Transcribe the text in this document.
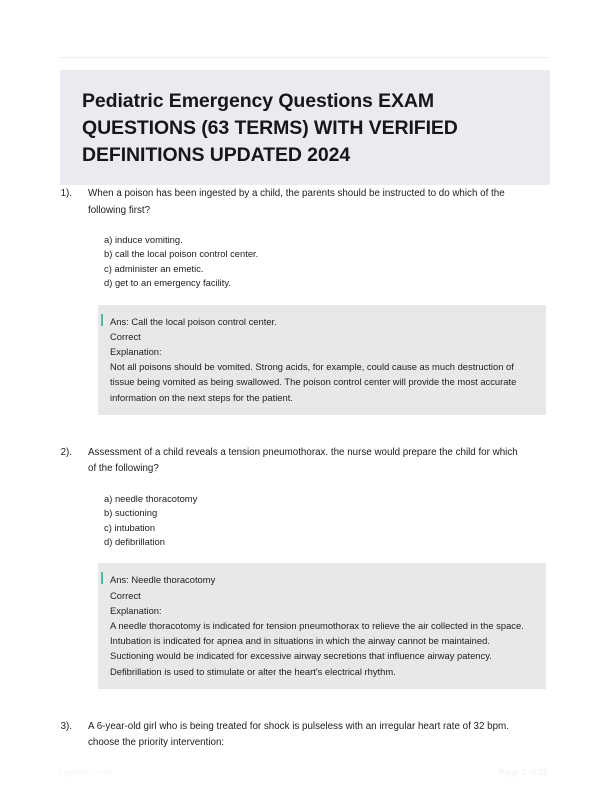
Pediatric Emergency Questions EXAM QUESTIONS (63 TERMS) WITH VERIFIED DEFINITIONS UPDATED 2024
1).	When a poison has been ingested by a child, the parents should be instructed to do which of the following first?
a) induce vomiting.
b) call the local poison control center.
c) administer an emetic.
d) get to an emergency facility.
Ans: Call the local poison control center.
Correct
Explanation:
Not all poisons should be vomited. Strong acids, for example, could cause as much destruction of tissue being vomited as being swallowed. The poison control center will provide the most accurate information on the next steps for the patient.
2).	Assessment of a child reveals a tension pneumothorax. the nurse would prepare the child for which of the following?
a) needle thoracotomy
b) suctioning
c) intubation
d) defibrillation
Ans: Needle thoracotomy
Correct
Explanation:
A needle thoracotomy is indicated for tension pneumothorax to relieve the air collected in the space. Intubation is indicated for apnea and in situations in which the airway cannot be maintained. Suctioning would be indicated for excessive airway secretions that influence airway patency. Defibrillation is used to stimulate or alter the heart's electrical rhythm.
3).	A 6-year-old girl who is being treated for shock is pulseless with an irregular heart rate of 32 bpm. choose the priority intervention:
PaperStic.com	Page 1 of 25
